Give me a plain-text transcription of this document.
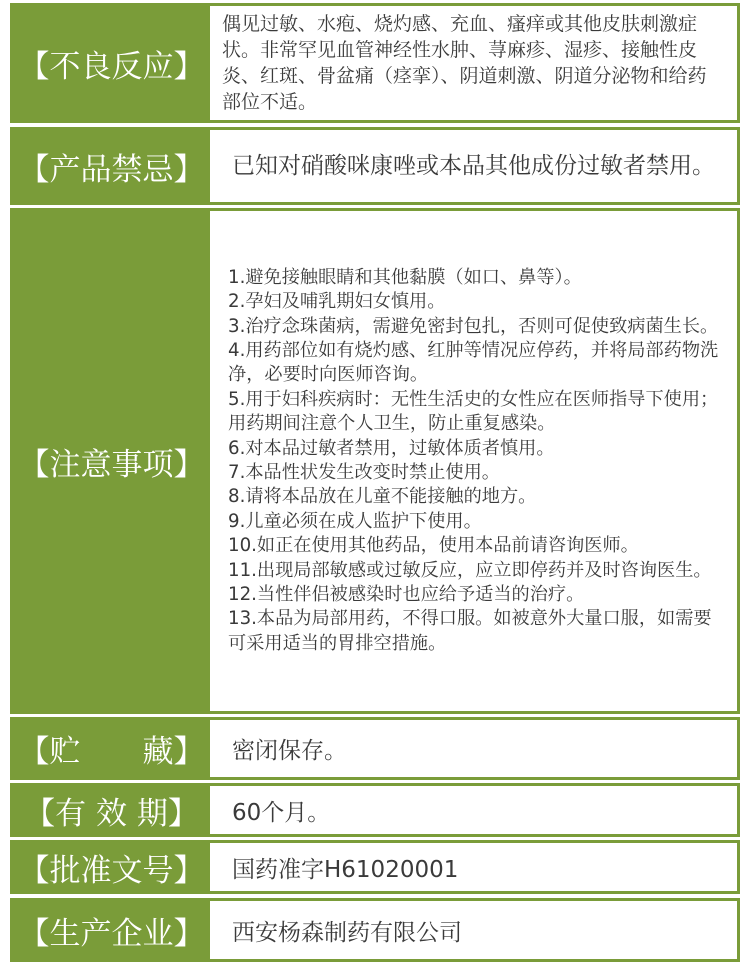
【不良反应】
偶见过敏、水疱、烧灼感、充血、瘙痒或其他皮肤刺激症状。非常罕见血管神经性水肿、荨麻疹、湿疹、接触性皮炎、红斑、骨盆痛（痉挛）、阴道刺激、阴道分泌物和给药部位不适。
【产品禁忌】 已知对硝酸咪康唑或本品其他成份过敏者禁用。
【注意事项】
1.避免接触眼睛和其他黏膜（如口、鼻等）。
2.孕妇及哺乳期妇女慎用。
3.治疗念珠菌病，需避免密封包扎，否则可促使致病菌生长。
4.用药部位如有烧灼感、红肿等情况应停药，并将局部药物洗净，必要时向医师咨询。
5.用于妇科疾病时：无性生活史的女性应在医师指导下使用；用药期间注意个人卫生，防止重复感染。
6.对本品过敏者禁用，过敏体质者慎用。
7.本品性状发生改变时禁止使用。
8.请将本品放在儿童不能接触的地方。
9.儿童必须在成人监护下使用。
10.如正在使用其他药品，使用本品前请咨询医师。
11.出现局部敏感或过敏反应，应立即停药并及时咨询医生。
12.当性伴侣被感染时也应给予适当的治疗。
13.本品为局部用药，不得口服。如被意外大量口服，如需要可采用适当的胃排空措施。
【贮　　藏】 密闭保存。
【有 效 期】	60个月。
【批准文号】 国药准字H61020001
【生产企业】 西安杨森制药有限公司
